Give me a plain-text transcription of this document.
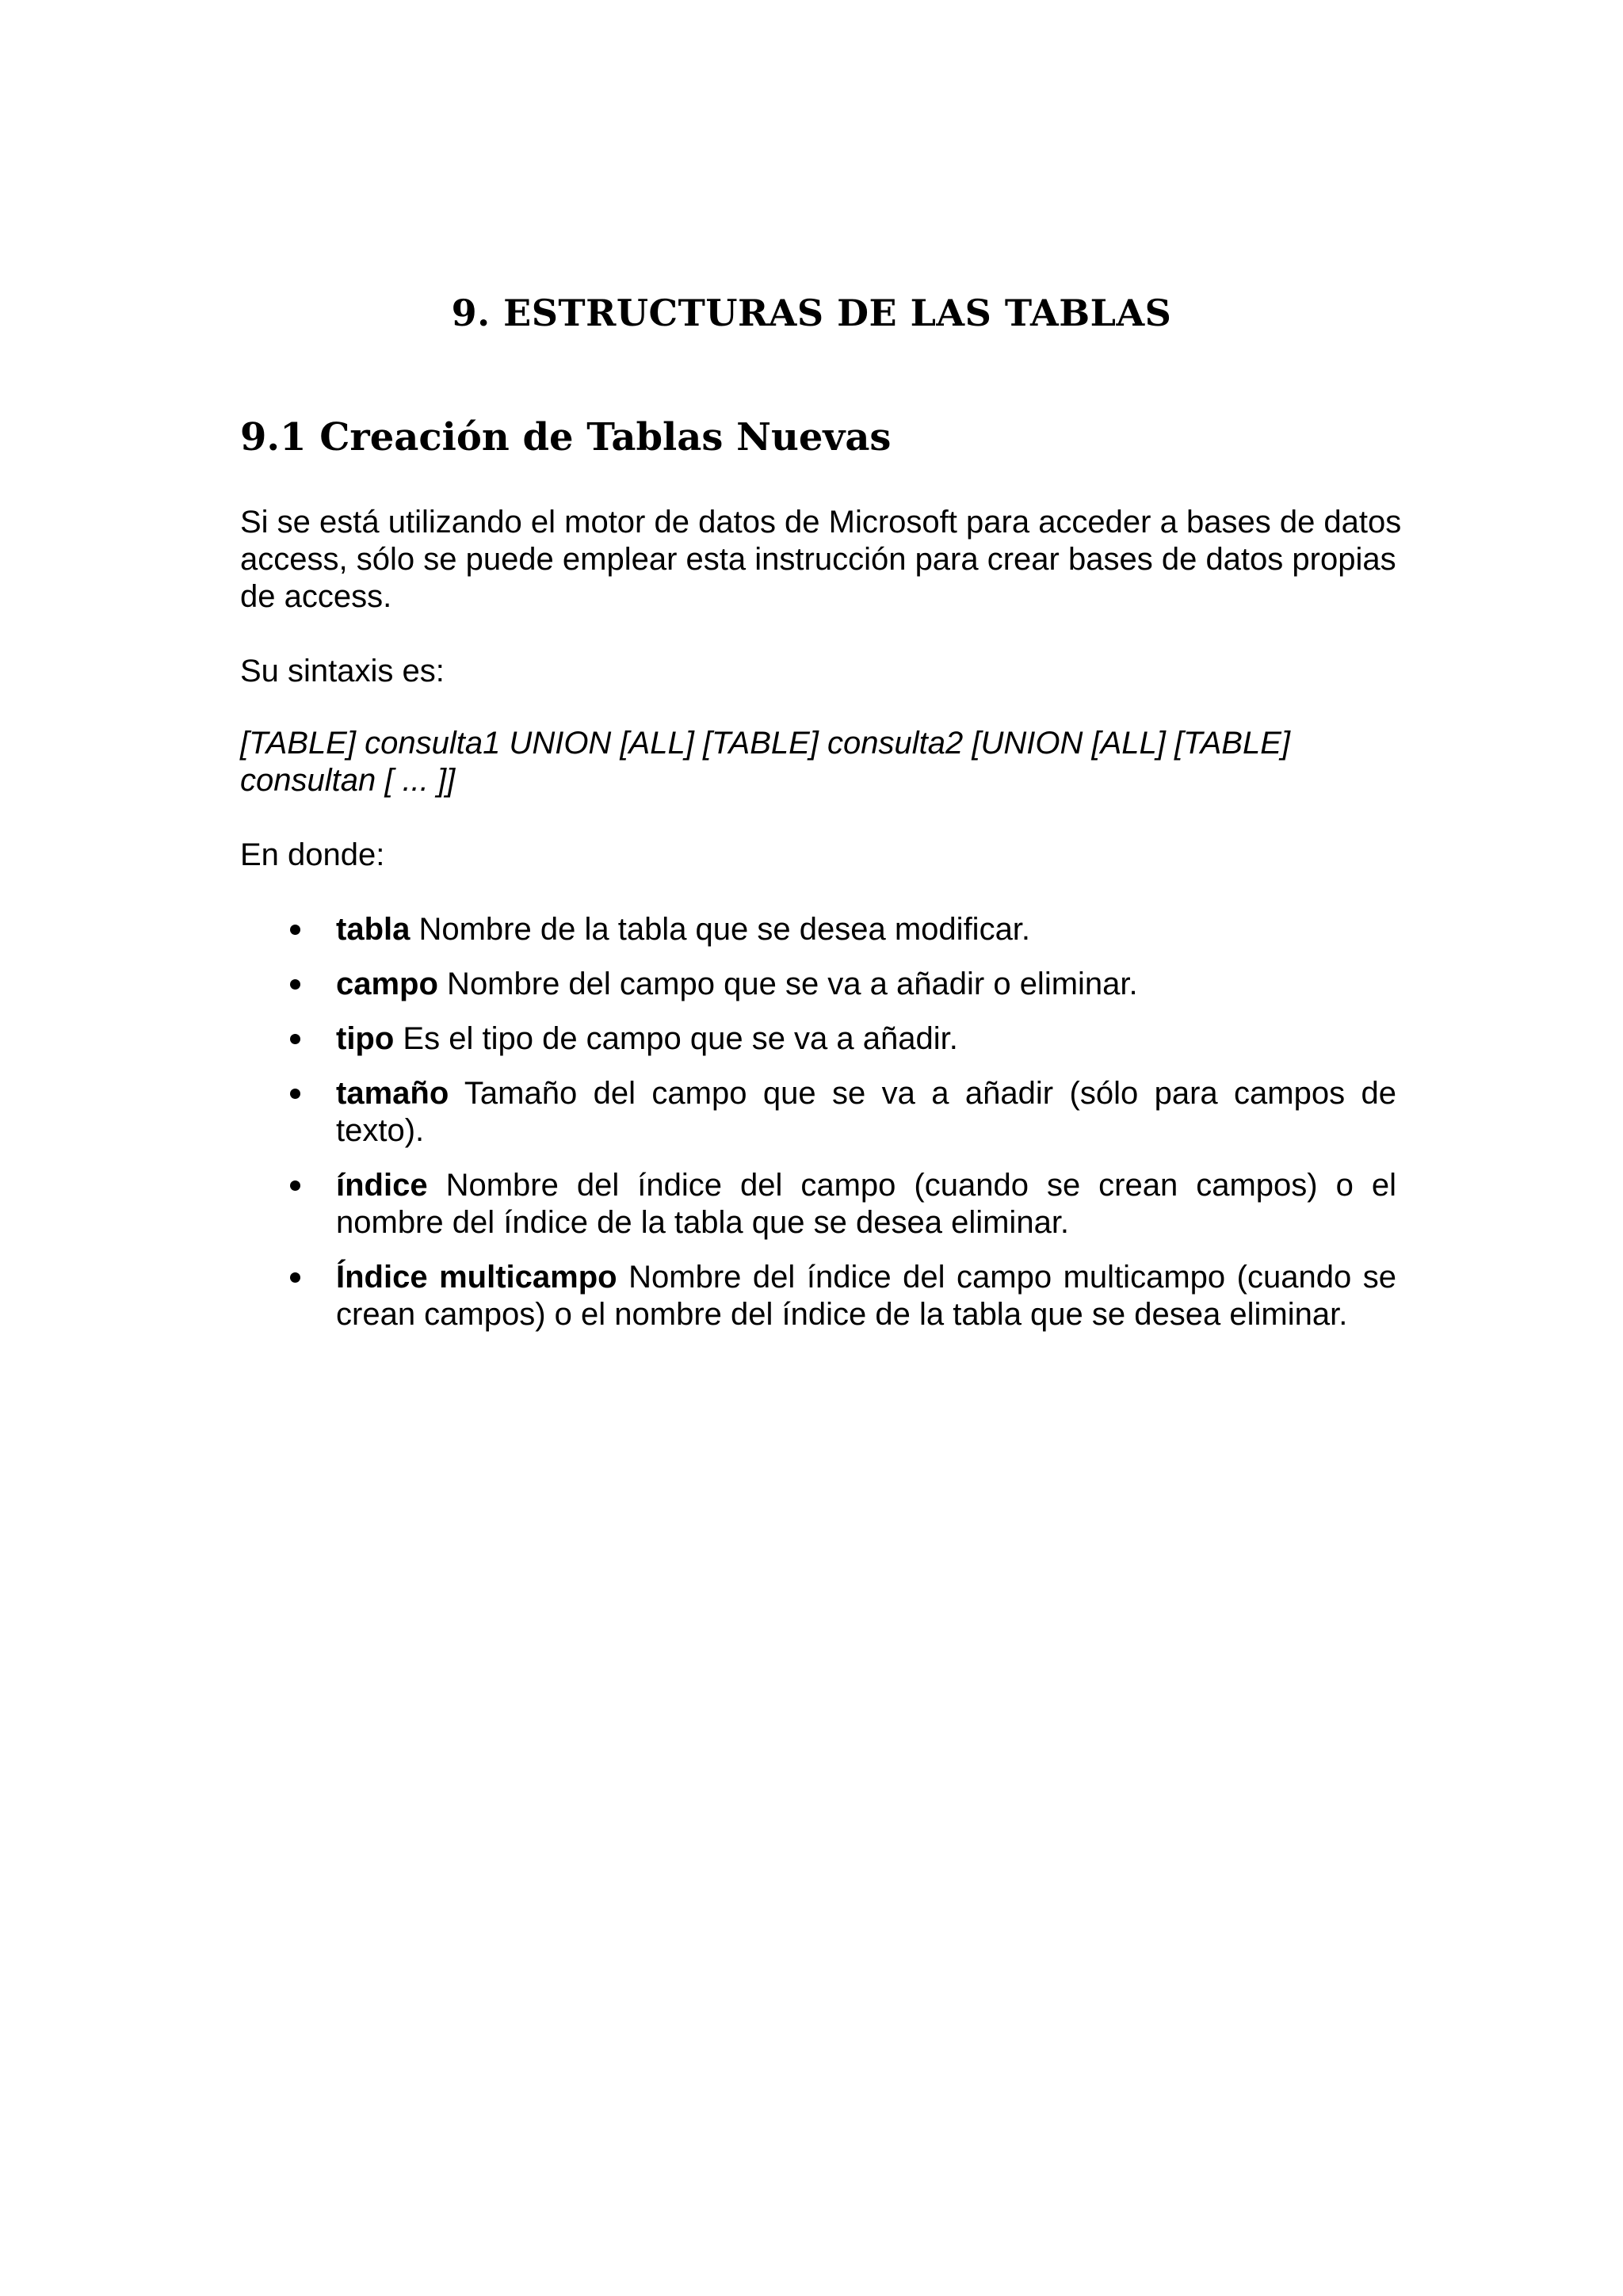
9. ESTRUCTURAS DE LAS TABLAS
9.1 Creación de Tablas Nuevas
Si se está utilizando el motor de datos de Microsoft para acceder a bases de datos access, sólo se puede emplear esta instrucción para crear bases de datos propias de access.
Su sintaxis es:
[TABLE] consulta1 UNION [ALL] [TABLE] consulta2 [UNION [ALL] [TABLE] consultan [ ... ]]
En donde:
tabla Nombre de la tabla que se desea modificar.
campo Nombre del campo que se va a añadir o eliminar.
tipo Es el tipo de campo que se va a añadir.
tamaño Tamaño del campo que se va a añadir (sólo para campos de texto).
índice Nombre del índice del campo (cuando se crean campos) o el nombre del índice de la tabla que se desea eliminar.
Índice multicampo Nombre del índice del campo multicampo (cuando se crean campos) o el nombre del índice de la tabla que se desea eliminar.
